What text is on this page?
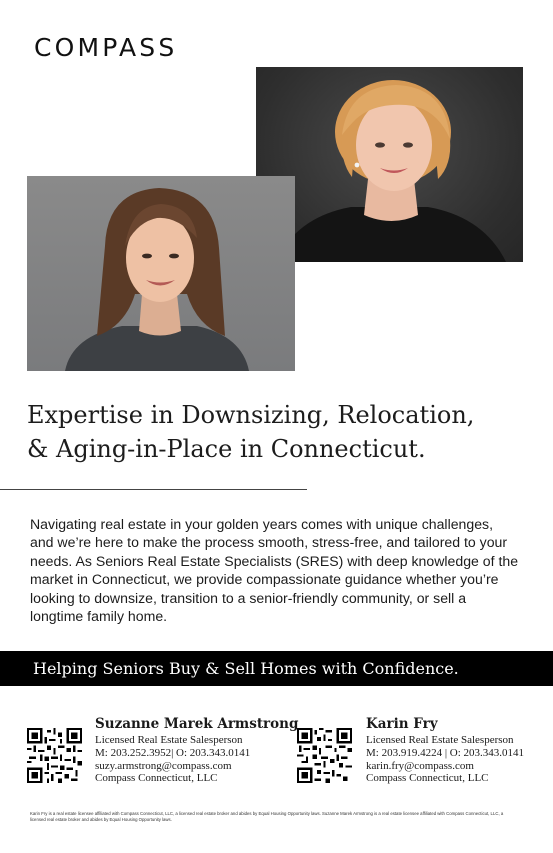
COMPASS
Expertise in Downsizing, Relocation,
& Aging-in-Place in Connecticut.
Navigating real estate in your golden years comes with unique challenges, and we’re here to make the process smooth, stress-free, and tailored to your needs. As Seniors Real Estate Specialists (SRES) with deep knowledge of the market in Connecticut, we provide compassionate guidance whether you’re looking to downsize, transition to a senior-friendly community, or sell a longtime family home.
Helping Seniors Buy & Sell Homes with Confidence.
Suzanne Marek Armstrong
Licensed Real Estate Salesperson
M: 203.252.3952| O: 203.343.0141
suzy.armstrong@compass.com
Compass Connecticut, LLC
Karin Fry
Licensed Real Estate Salesperson
M: 203.919.4224 | O: 203.343.0141
karin.fry@compass.com
Compass Connecticut, LLC
Karin Fry is a real estate licensee affiliated with Compass Connecticut, LLC, a licensed real estate broker and abides by Equal Housing Opportunity laws. Suzanne Marek Armstrong is a real estate licensee affiliated with Compass Connecticut, LLC, a licensed real estate broker and abides by Equal Housing Opportunity laws.
